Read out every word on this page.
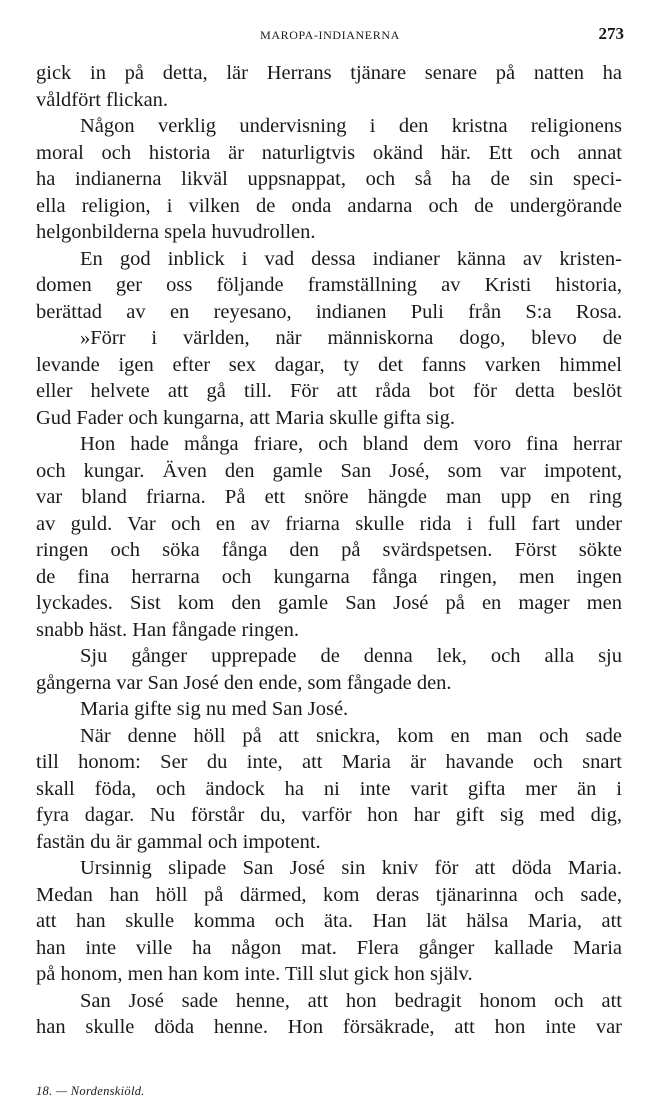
MAROPA-INDIANERNA	273
gick in på detta, lär Herrans tjänare senare på natten ha
våldfört flickan.
Någon verklig undervisning i den kristna religionens
moral och historia är naturligtvis okänd här. Ett och annat
ha indianerna likväl uppsnappat, och så ha de sin speci-
ella religion, i vilken de onda andarna och de undergörande
helgonbilderna spela huvudrollen.
En god inblick i vad dessa indianer känna av kristen-
domen ger oss följande framställning av Kristi historia,
berättad av en reyesano, indianen Puli från S:a Rosa.
»Förr i världen, när människorna dogo, blevo de
levande igen efter sex dagar, ty det fanns varken himmel
eller helvete att gå till. För att råda bot för detta beslöt
Gud Fader och kungarna, att Maria skulle gifta sig.
Hon hade många friare, och bland dem voro fina herrar
och kungar. Även den gamle San José, som var impotent,
var bland friarna. På ett snöre hängde man upp en ring
av guld. Var och en av friarna skulle rida i full fart under
ringen och söka fånga den på svärdspetsen. Först sökte
de fina herrarna och kungarna fånga ringen, men ingen
lyckades. Sist kom den gamle San José på en mager men
snabb häst. Han fångade ringen.
Sju gånger upprepade de denna lek, och alla sju
gångerna var San José den ende, som fångade den.
Maria gifte sig nu med San José.
När denne höll på att snickra, kom en man och sade
till honom: Ser du inte, att Maria är havande och snart
skall föda, och ändock ha ni inte varit gifta mer än i
fyra dagar. Nu förstår du, varför hon har gift sig med dig,
fastän du är gammal och impotent.
Ursinnig slipade San José sin kniv för att döda Maria.
Medan han höll på därmed, kom deras tjänarinna och sade,
att han skulle komma och äta. Han lät hälsa Maria, att
han inte ville ha någon mat. Flera gånger kallade Maria
på honom, men han kom inte. Till slut gick hon själv.
San José sade henne, att hon bedragit honom och att
han skulle döda henne. Hon försäkrade, att hon inte var
18. — Nordenskiöld.
